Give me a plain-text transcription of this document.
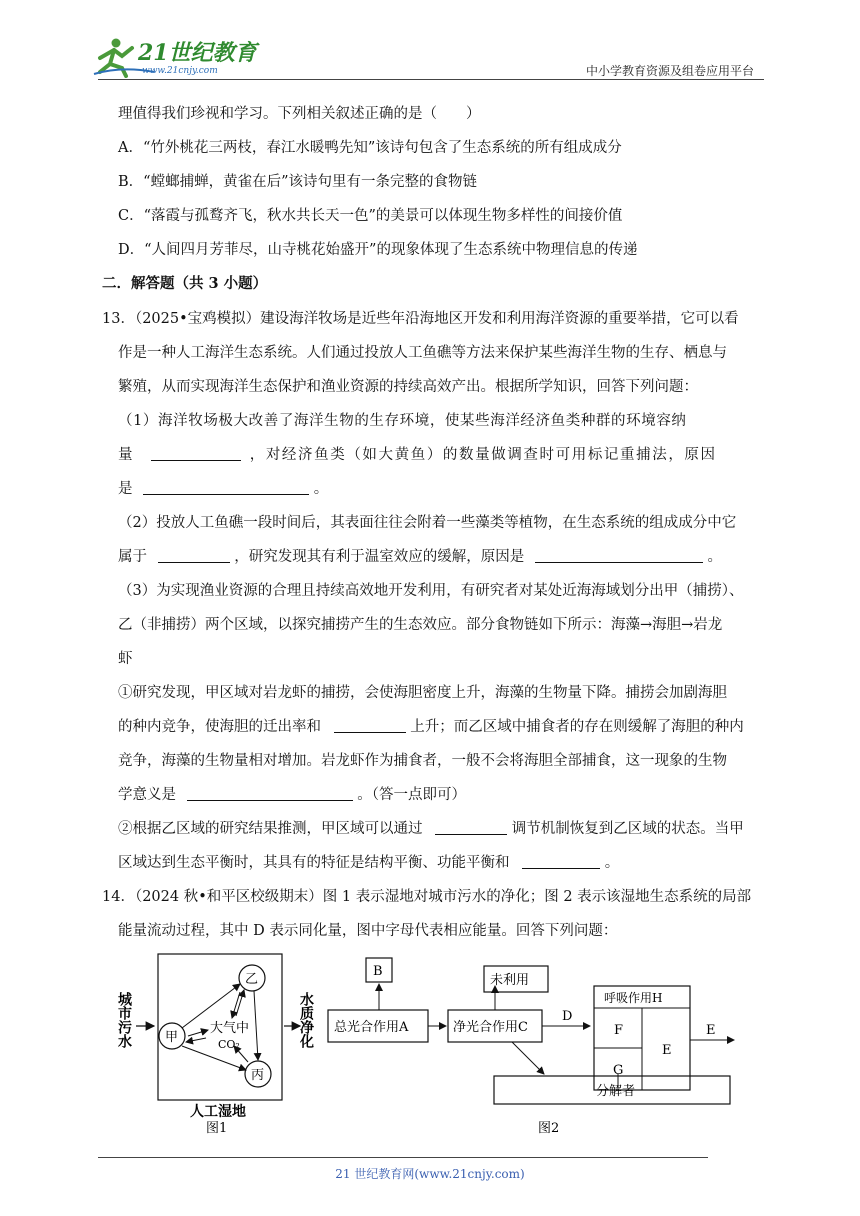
21世纪教育
www.21cnjy.com	中小学教育资源及组卷应用平台
理值得我们珍视和学习。下列相关叙述正确的是（　　）
A．“竹外桃花三两枝，春江水暖鸭先知”该诗句包含了生态系统的所有组成成分
B．“螳螂捕蝉，黄雀在后”该诗句里有一条完整的食物链
C．“落霞与孤鹜齐飞，秋水共长天一色”的美景可以体现生物多样性的间接价值
D．“人间四月芳菲尽，山寺桃花始盛开”的现象体现了生态系统中物理信息的传递
二．解答题（共 3 小题）
13．（2025•宝鸡模拟）建设海洋牧场是近些年沿海地区开发和利用海洋资源的重要举措，它可以看
作是一种人工海洋生态系统。人们通过投放人工鱼礁等方法来保护某些海洋生物的生存、栖息与
繁殖，从而实现海洋生态保护和渔业资源的持续高效产出。根据所学知识，回答下列问题：
（1）海洋牧场极大改善了海洋生物的生存环境，使某些海洋经济鱼类种群的环境容纳
量	，对经济鱼类（如大黄鱼）的数量做调查时可用标记重捕法，原因
是	。
（2）投放人工鱼礁一段时间后，其表面往往会附着一些藻类等植物，在生态系统的组成成分中它
属于	，研究发现其有利于温室效应的缓解，原因是	。
（3）为实现渔业资源的合理且持续高效地开发利用，有研究者对某处近海海域划分出甲（捕捞）、
乙（非捕捞）两个区域，以探究捕捞产生的生态效应。部分食物链如下所示：海藻→海胆→岩龙
虾
①研究发现，甲区域对岩龙虾的捕捞，会使海胆密度上升，海藻的生物量下降。捕捞会加剧海胆
的种内竞争，使海胆的迁出率和	上升；而乙区域中捕食者的存在则缓解了海胆的种内
竞争，海藻的生物量相对增加。岩龙虾作为捕食者，一般不会将海胆全部捕食，这一现象的生物
学意义是	。（答一点即可）
②根据乙区域的研究结果推测，甲区域可以通过	调节机制恢复到乙区域的状态。当甲
区域达到生态平衡时，其具有的特征是结构平衡、功能平衡和	。
14．（2024 秋•和平区校级期末）图 1 表示湿地对城市污水的净化；图 2 表示该湿地生态系统的局部
能量流动过程，其中 D 表示同化量，图中字母代表相应能量。回答下列问题：
城市污水	甲
乙
丙
大气中
CO₂	水质净化
人工湿地
图1
B
总光合作用A	净光合作用C
未利用
D
呼吸作用H
F
G
E
E
分解者
图2
21 世纪教育网(www.21cnjy.com)
